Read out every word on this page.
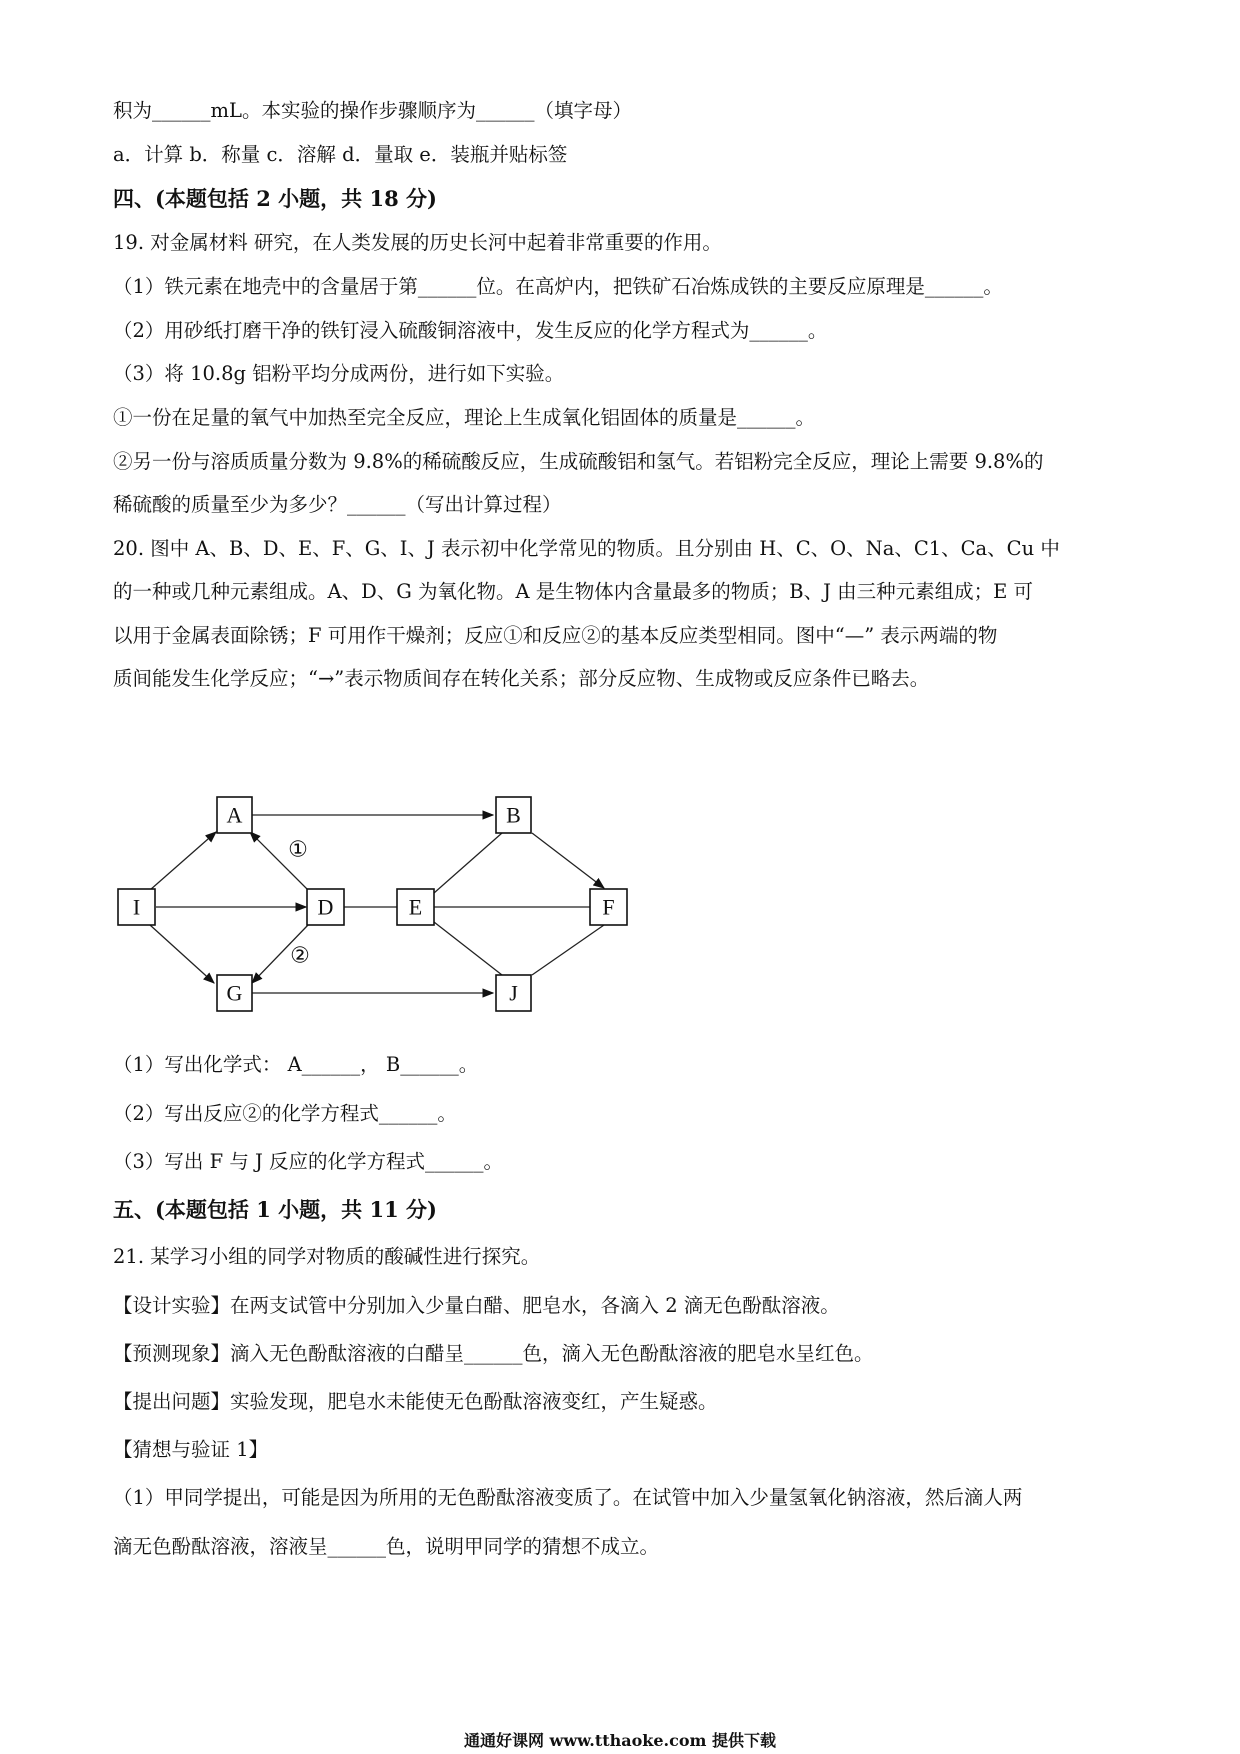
积为______mL。本实验的操作步骤顺序为______（填字母）
a．计算 b．称量 c．溶解 d．量取 e．装瓶并贴标签
四、(本题包括 2 小题，共 18 分)
19. 对金属材料 研究，在人类发展的历史长河中起着非常重要的作用。
（1）铁元素在地壳中的含量居于第______位。在高炉内，把铁矿石冶炼成铁的主要反应原理是______。
（2）用砂纸打磨干净的铁钉浸入硫酸铜溶液中，发生反应的化学方程式为______。
（3）将 10.8g 铝粉平均分成两份，进行如下实验。
①一份在足量的氧气中加热至完全反应，理论上生成氧化铝固体的质量是______。
②另一份与溶质质量分数为 9.8%的稀硫酸反应，生成硫酸铝和氢气。若铝粉完全反应，理论上需要 9.8%的
稀硫酸的质量至少为多少？______（写出计算过程）
20. 图中 A、B、D、E、F、G、I、J 表示初中化学常见的物质。且分别由 H、C、O、Na、C1、Ca、Cu 中
的一种或几种元素组成。A、D、G 为氧化物。A 是生物体内含量最多的物质；B、J 由三种元素组成；E 可
以用于金属表面除锈；F 可用作干燥剂；反应①和反应②的基本反应类型相同。图中“—” 表示两端的物
质间能发生化学反应；“→”表示物质间存在转化关系；部分反应物、生成物或反应条件已略去。
①
②
A	B
I	D	E	F
G	J
（1）写出化学式： A______， B______。
（2）写出反应②的化学方程式______。
（3）写出 F 与 J 反应的化学方程式______。
五、(本题包括 1 小题，共 11 分)
21. 某学习小组的同学对物质的酸碱性进行探究。
【设计实验】在两支试管中分别加入少量白醋、肥皂水，各滴入 2 滴无色酚酞溶液。
【预测现象】滴入无色酚酞溶液的白醋呈______色，滴入无色酚酞溶液的肥皂水呈红色。
【提出问题】实验发现，肥皂水未能使无色酚酞溶液变红，产生疑惑。
【猜想与验证 1】
（1）甲同学提出，可能是因为所用的无色酚酞溶液变质了。在试管中加入少量氢氧化钠溶液，然后滴人两
滴无色酚酞溶液，溶液呈______色，说明甲同学的猜想不成立。
通通好课网 www.tthaoke.com 提供下载
